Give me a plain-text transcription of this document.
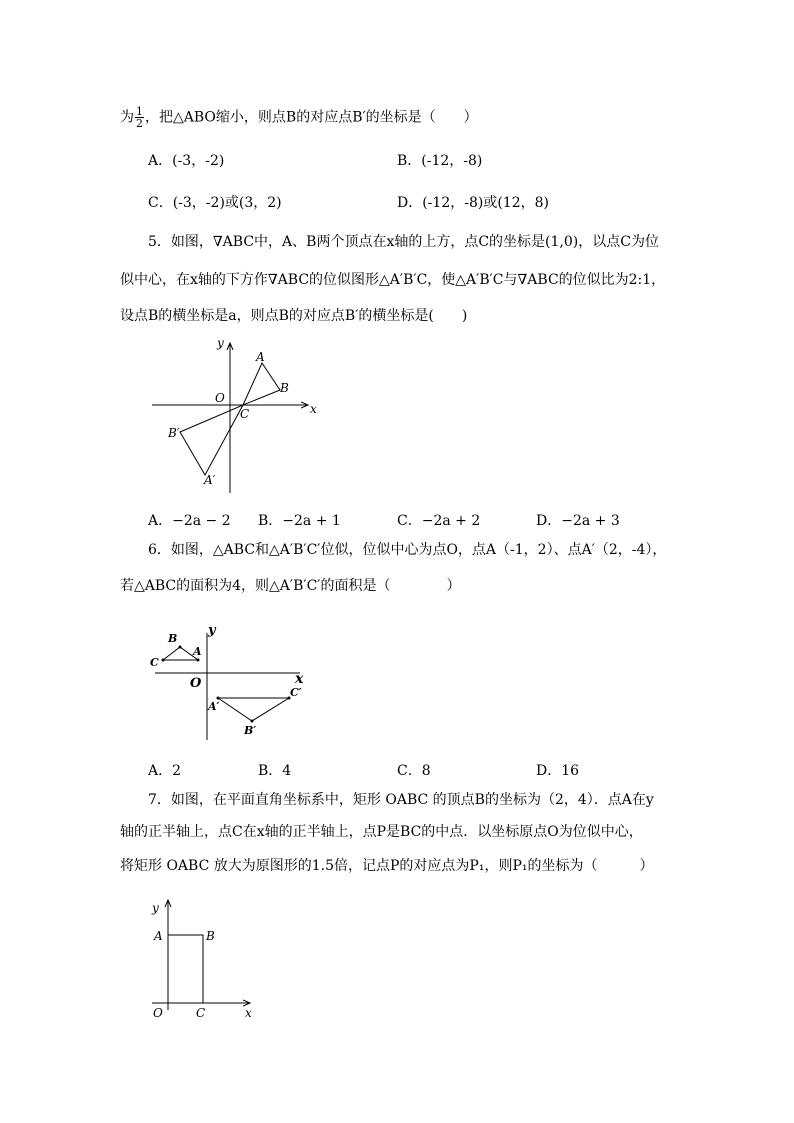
为 $\frac{1}{2}$ ，把△ABO缩小，则点B的对应点B′的坐标是（　　）
A．(-3，-2)	B．(-12，-8)
C．(-3，-2)或(3，2)	D．(-12，-8)或(12，8)
5．如图，∇ABC中，A、B两个顶点在x轴的上方，点C的坐标是(1,0)，以点C为位
似中心，在x轴的下方作∇ABC的位似图形△A′B′C，使△A′B′C与∇ABC的位似比为2:1，
设点B的横坐标是a，则点B的对应点B′的横坐标是(　　)
y
x
O
A
B
C
B′
A′
A．−2a − 2 B．−2a + 1	C．−2a + 2	D．−2a + 3
6．如图，△ABC和△A′B′C′位似，位似中心为点O，点A（-1，2）、点A′（2，-4），
若△ABC的面积为4，则△A′B′C′的面积是（　　　　）
y
x
O
A
B
C
A′
B′
C′
A．2	B．4	C．8	D．16
7．如图，在平面直角坐标系中，矩形 OABC 的顶点B的坐标为（2，4）．点A在y
轴的正半轴上，点C在x轴的正半轴上，点P是BC的中点．以坐标原点O为位似中心，
将矩形 OABC 放大为原图形的1.5倍，记点P的对应点为P₁，则P₁的坐标为（　　　）
y
x
O
A	B
C
